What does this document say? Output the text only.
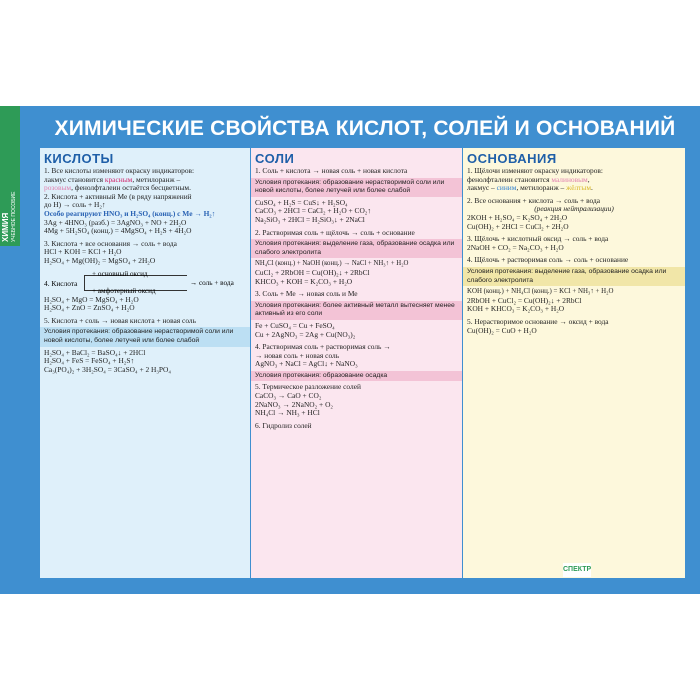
ХИМИЯ УЧЕБНОЕ ПОСОБИЕ
ХИМИЧЕСКИЕ СВОЙСТВА КИСЛОТ, СОЛЕЙ И ОСНОВАНИЙ
КИСЛОТЫ
1. Все кислоты изменяют окраску индикаторов:
лакмус становится красным, метилоранж –
розовым, фенолфталеин остаётся бесцветным.
2. Кислота + активный Ме (в ряду напряжений
до Н) → соль + Н₂↑
Особо реагируют HNO₃ и H₂SO₄ (конц.) с Me → H₂↑
3Ag + 4HNO₃ (разб.) = 3AgNO₃ + NO + 2H₂O
4Mg + 5H₂SO₄ (конц.) = 4MgSO₄ + H₂S + 4H₂O
3. Кислота + все основания → соль + вода
HCl + KOH = KCl + H₂O
H₂SO₄ + Mg(OH)₂ = MgSO₄ + 2H₂O
4. Кислота
+ основный оксид
+ амфотерный оксид
→ соль + вода
H₂SO₄ + MgO = MgSO₄ + H₂O
H₂SO₄ + ZnO = ZnSO₄ + H₂O
5. Кислота + соль → новая кислота + новая соль
Условия протекания: образование нерастворимой соли или новой кислоты, более летучей или более слабой
H₂SO₄ + BaCl₂ = BaSO₄↓ + 2HCl
H₂SO₄ + FeS = FeSO₄ + H₂S↑
Ca₃(PO₄)₂ + 3H₂SO₄ = 3CaSO₄ + 2 H₃PO₄
СОЛИ
1. Соль + кислота → новая соль + новая кислота
Условия протекания: образование нерастворимой соли или новой кислоты, более летучей или более слабой
CuSO₄ + H₂S = CuS↓ + H₂SO₄
CaCO₃ + 2HCl = CaCl₂ + H₂O + CO₂↑
Na₂SiO₃ + 2HCl = H₂SiO₃↓ + 2NaCl
2. Растворимая соль + щёлочь → соль + основание
Условия протекания: выделение газа, образование осадка или слабого электролита
NH₄Cl (конц.) + NaOH (конц.) → NaCl + NH₃↑ + H₂O
CuCl₂ + 2RbOH = Cu(OH)₂↓ + 2RbCl
KHCO₃ + KOH = K₂CO₃ + H₂O
3. Соль + Ме → новая соль и Ме
Условия протекания: более активный металл вытесняет менее активный из его соли
Fe + CuSO₄ = Cu + FeSO₄
Cu + 2AgNO₃ = 2Ag + Cu(NO₃)₂
4. Растворимая соль + растворимая соль →
→ новая соль + новая соль
AgNO₃ + NaCl = AgCl↓ + NaNO₃
Условия протекания: образование осадка
5. Термическое разложение солей
CaCO₃ → CaO + CO₂
2NaNO₃ → 2NaNO₂ + O₂
NH₄Cl → NH₃ + HCl
6. Гидролиз солей
ОСНОВАНИЯ
1. Щёлочи изменяют окраску индикаторов:
фенолфталеин становится малиновым,
лакмус – синим, метилоранж – жёлтым.
2. Все основания + кислота → соль + вода
(реакция нейтрализации)
2KOH + H₂SO₄ = K₂SO₄ + 2H₂O
Cu(OH)₂ + 2HCl = CuCl₂ + 2H₂O
3. Щёлочь + кислотный оксид → соль + вода
2NaOH + CO₂ = Na₂CO₃ + H₂O
4. Щёлочь + растворимая соль → соль + основание
Условия протекания: выделение газа, образование осадка или слабого электролита
KOH (конц.) + NH₄Cl (конц.) = KCl + NH₃↑ + H₂O
2RbOH + CuCl₂ = Cu(OH)₂↓ + 2RbCl
KOH + KHCO₃ = K₂CO₃ + H₂O
5. Нерастворимое основание → оксид + вода
Cu(OH)₂ = CuO + H₂O
СПЕКТР
